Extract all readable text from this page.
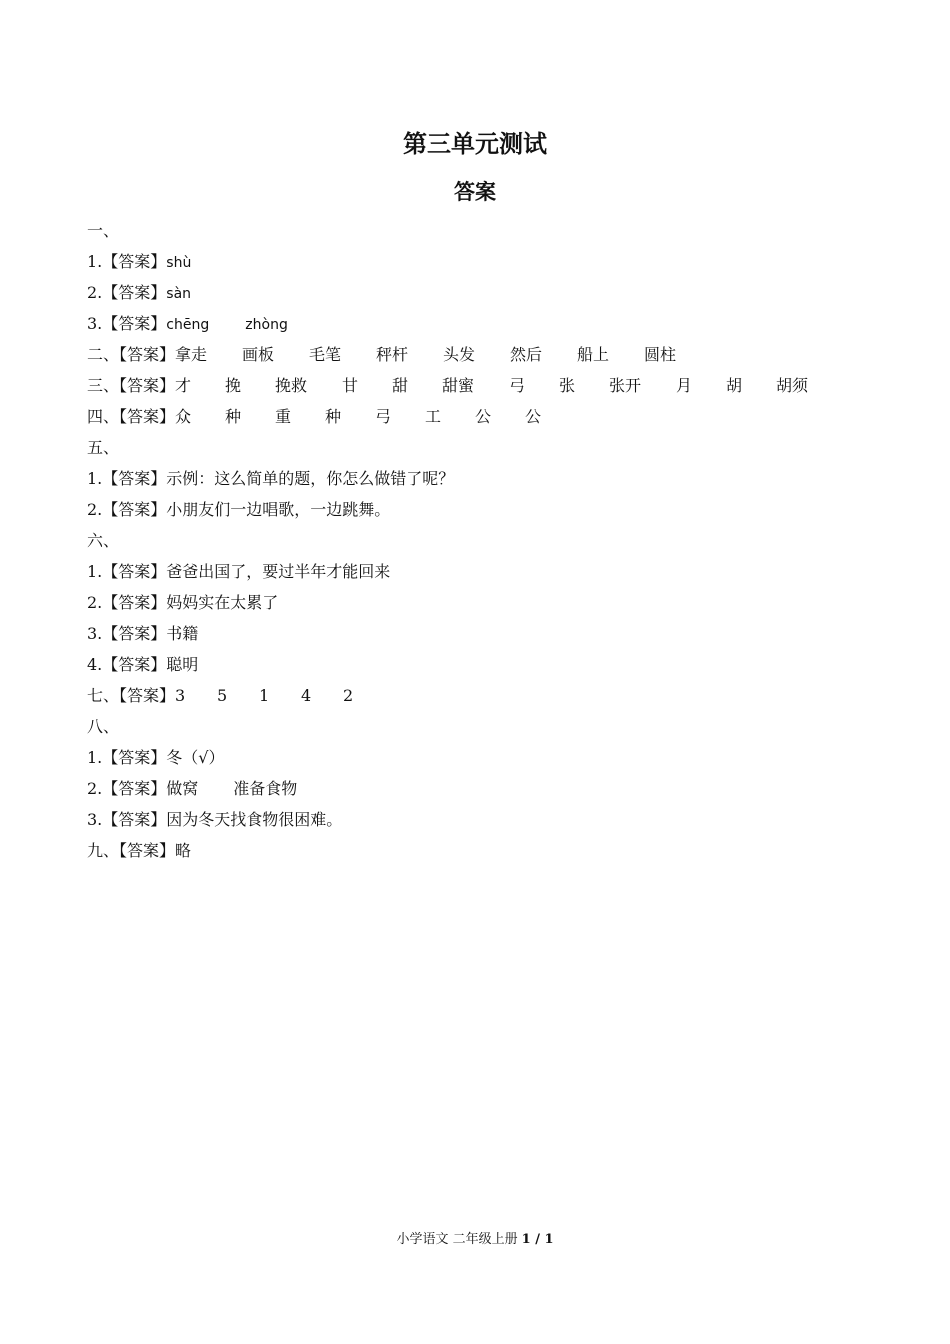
第三单元测试
答案
一、
1.【答案】shù
2.【答案】sàn
3.【答案】chēng	zhòng
二、【答案】拿走 画板 毛笔 秤杆 头发 然后 船上 圆柱
三、【答案】才 挽 挽救 甘 甜 甜蜜 弓 张 张开 月 胡 胡须
四、【答案】众 种 重 种 弓 工 公 公
五、
1.【答案】示例：这么简单的题，你怎么做错了呢？
2.【答案】小朋友们一边唱歌，一边跳舞。
六、
1.【答案】爸爸出国了，要过半年才能回来
2.【答案】妈妈实在太累了
3.【答案】书籍
4.【答案】聪明
七、【答案】3 5 1 4 2
八、
1.【答案】冬（√）
2.【答案】做窝 准备食物
3.【答案】因为冬天找食物很困难。
九、【答案】略
小学语文 二年级上册 1 / 1
